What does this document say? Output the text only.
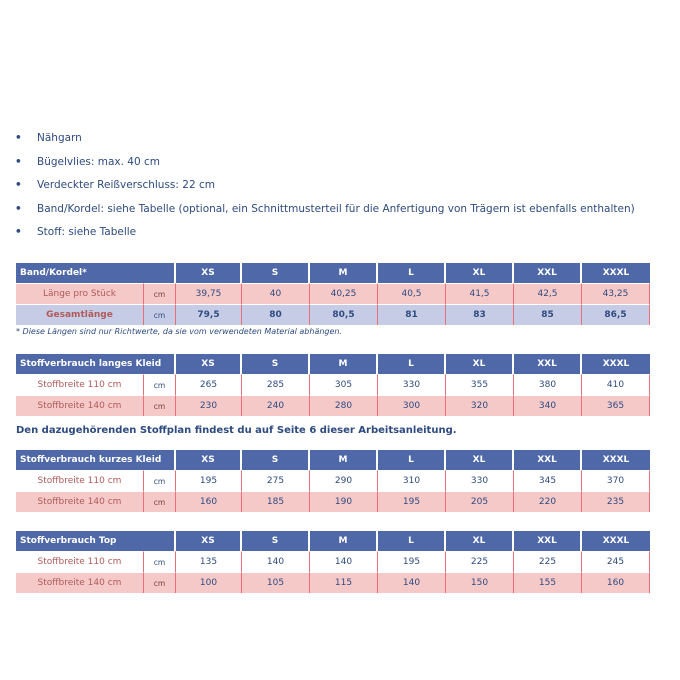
• Nähgarn
• Bügelvlies: max. 40 cm
• Verdeckter Reißverschluss: 22 cm
• Band/Kordel: siehe Tabelle (optional, ein Schnittmusterteil für die Anfertigung von Trägern ist ebenfalls enthalten)
• Stoff: siehe Tabelle
Band/Kordel*		XS	S	M	L	XL	XXL	XXXL
Länge pro Stück	cm	39,75	40	40,25	40,5	41,5	42,5	43,25
Gesamtlänge	cm	79,5	80	80,5	81	83	85	86,5
* Diese Längen sind nur Richtwerte, da sie vom verwendeten Material abhängen.
Stoffverbrauch langes Kleid		XS	S	M	L	XL	XXL	XXXL
Stoffbreite 110 cm	cm	265	285	305	330	355	380	410
Stoffbreite 140 cm	cm	230	240	280	300	320	340	365
Den dazugehörenden Stoffplan findest du auf Seite 6 dieser Arbeitsanleitung.
Stoffverbrauch kurzes Kleid		XS	S	M	L	XL	XXL	XXXL
Stoffbreite 110 cm	cm	195	275	290	310	330	345	370
Stoffbreite 140 cm	cm	160	185	190	195	205	220	235
Stoffverbrauch Top		XS	S	M	L	XL	XXL	XXXL
Stoffbreite 110 cm	cm	135	140	140	195	225	225	245
Stoffbreite 140 cm	cm	100	105	115	140	150	155	160
